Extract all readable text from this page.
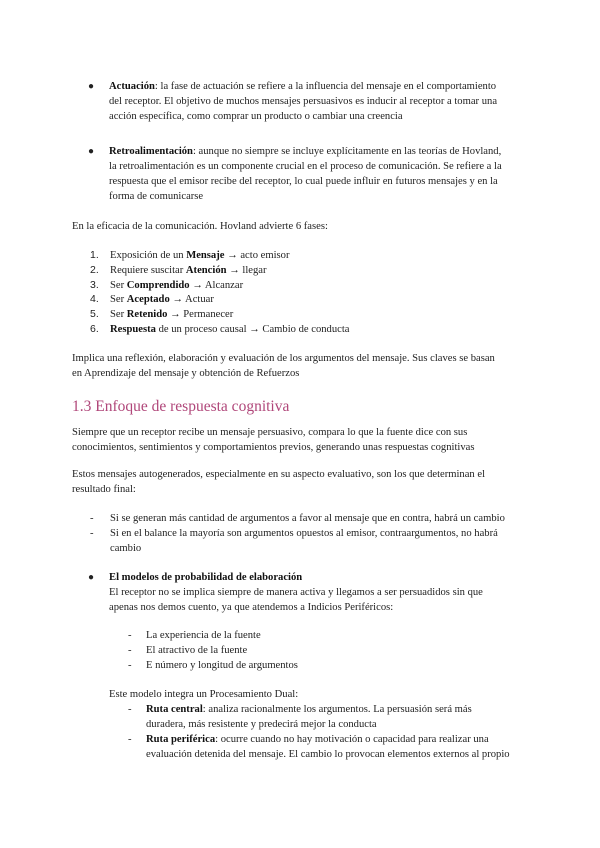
● Actuación: la fase de actuación se refiere a la influencia del mensaje en el comportamiento

del receptor. El objetivo de muchos mensajes persuasivos es inducir al receptor a tomar una

acción específica, como comprar un producto o cambiar una creencia

● Retroalimentación: aunque no siempre se incluye explícitamente en las teorías de Hovland,

la retroalimentación es un componente crucial en el proceso de comunicación. Se refiere a la

respuesta que el emisor recibe del receptor, lo cual puede influir en futuros mensajes y en la

forma de comunicarse

En la eficacia de la comunicación. Hovland advierte 6 fases:

1.	Exposición de un Mensaje → acto emisor
2.	Requiere suscitar Atención → llegar
3.	Ser Comprendido → Alcanzar
4.	Ser Aceptado → Actuar
5.	Ser Retenido → Permanecer
6.	Respuesta de un proceso causal → Cambio de conducta

Implica una reflexión, elaboración y evaluación de los argumentos del mensaje. Sus claves se basan

en Aprendizaje del mensaje y obtención de Refuerzos

1.3 Enfoque de respuesta cognitiva

Siempre que un receptor recibe un mensaje persuasivo, compara lo que la fuente dice con sus

conocimientos, sentimientos y comportamientos previos, generando unas respuestas cognitivas

Estos mensajes autogenerados, especialmente en su aspecto evaluativo, son los que determinan el

resultado final:

- Si se generan más cantidad de argumentos a favor al mensaje que en contra, habrá un cambio

- Si en el balance la mayoría son argumentos opuestos al emisor, contraargumentos, no habrá

cambio

● El modelos de probabilidad de elaboración

El receptor no se implica siempre de manera activa y llegamos a ser persuadidos sin que

apenas nos demos cuento, ya que atendemos a Indicios Periféricos:

- La experiencia de la fuente
- El atractivo de la fuente
- E número y longitud de argumentos

Este modelo integra un Procesamiento Dual:

- Ruta central: analiza racionalmente los argumentos. La persuasión será más

duradera, más resistente y predecirá mejor la conducta

- Ruta periférica: ocurre cuando no hay motivación o capacidad para realizar una

evaluación detenida del mensaje. El cambio lo provocan elementos externos al propio
